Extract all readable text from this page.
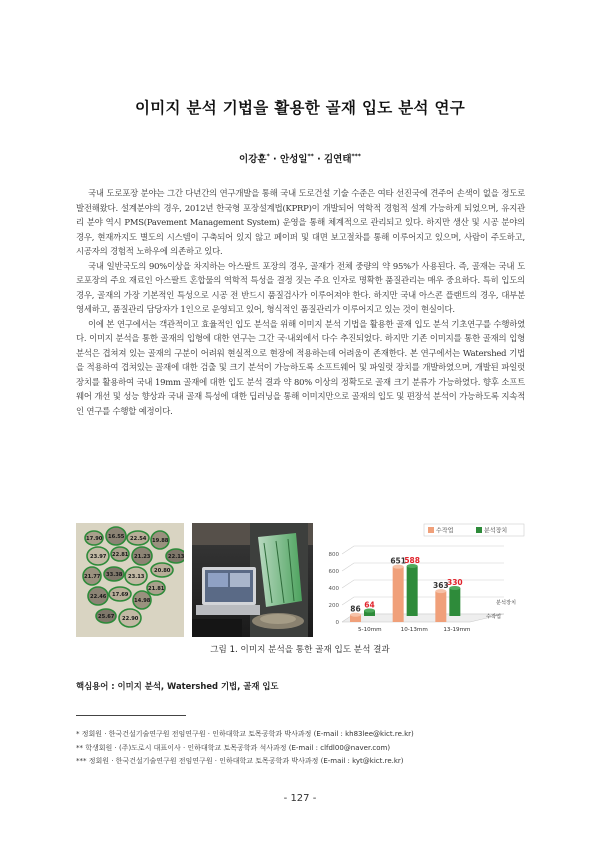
이미지 분석 기법을 활용한 골재 입도 분석 연구
이강훈* · 안성일** · 김연태***

국내 도로포장 분야는 그간 다년간의 연구개발을 통해 국내 도로건설 기술 수준은 여타 선진국에 견주어 손색이 없을 정도로 발전해왔다. 설계분야의 경우, 2012년 한국형 포장설계법(KPRP)이 개발되어 역학적 경험적 설계 가능하게 되었으며, 유지관리 분야 역시 PMS(Pavement Management System) 운영을 통해 체계적으로 관리되고 있다. 하지만 생산 및 시공 분야의 경우, 현재까지도 별도의 시스템이 구축되어 있지 않고 페이퍼 및 대면 보고절차를 통해 이루어지고 있으며, 사람이 주도하고, 시공자의 경험적 노하우에 의존하고 있다.

국내 일반국도의 90%이상을 차지하는 아스팔트 포장의 경우, 골재가 전체 중량의 약 95%가 사용된다. 즉, 골재는 국내 도로포장의 주요 재료인 아스팔트 혼합물의 역학적 특성을 결정 짓는 주요 인자로 명확한 품질관리는 매우 중요하다. 특히 입도의 경우, 골재의 가장 기본적인 특성으로 시공 전 반드시 품질검사가 이루어져야 한다. 하지만 국내 아스콘 플랜트의 경우, 대부분 영세하고, 품질관리 담당자가 1인으로 운영되고 있어, 형식적인 품질관리가 이루어지고 있는 것이 현실이다.

이에 본 연구에서는 객관적이고 효율적인 입도 분석을 위해 이미지 분석 기법을 활용한 골재 입도 분석 기초연구를 수행하였다. 이미지 분석을 통한 골재의 입형에 대한 연구는 그간 국·내외에서 다수 추진되었다. 하지만 기존 이미지를 통한 골재의 입형 분석은 겹쳐져 있는 골재의 구분이 어려워 현실적으로 현장에 적용하는데 어려움이 존재한다. 본 연구에서는 Watershed 기법을 적용하여 겹쳐있는 골재에 대한 검출 및 크기 분석이 가능하도록 소프트웨어 및 파일럿 장치를 개발하였으며, 개발된 파일럿 장치를 활용하여 국내 19mm 골재에 대한 입도 분석 결과 약 80% 이상의 정확도로 골재 크기 분류가 가능하였다. 향후 소프트웨어 개선 및 성능 향상과 국내 골재 특성에 대한 딥러닝을 통해 이미지만으로 골재의 입도 및 편장석 분석이 가능하도록 지속적인 연구를 수행할 예정이다.

17.90 16.55 22.54 19.88
22.13
23.97 22.81 21.23
20.80
21.77 33.38 23.13
21.81
22.46 17.69
14.98
25.67 22.90
0
200
400
600
800
5-10mm
86 64
10-13mm
651
588
13-19mm
363
330
분석장치
수작업
수작업	분석장치
그림 1. 이미지 분석을 통한 골재 입도 분석 결과
핵심용어 : 이미지 분석, Watershed 기법, 골재 입도
* 정회원 · 한국건설기술연구원 전임연구원 · 인하대학교 토목공학과 박사과정 (E-mail : kh83lee@kict.re.kr)
** 학생회원 · (주)도로시 대표이사 · 인하대학교 토목공학과 석사과정 (E-mail : clfdl00@naver.com)
*** 정회원 · 한국건설기술연구원 전임연구원 · 인하대학교 토목공학과 박사과정 (E-mail : kyt@kict.re.kr)
- 127 -
